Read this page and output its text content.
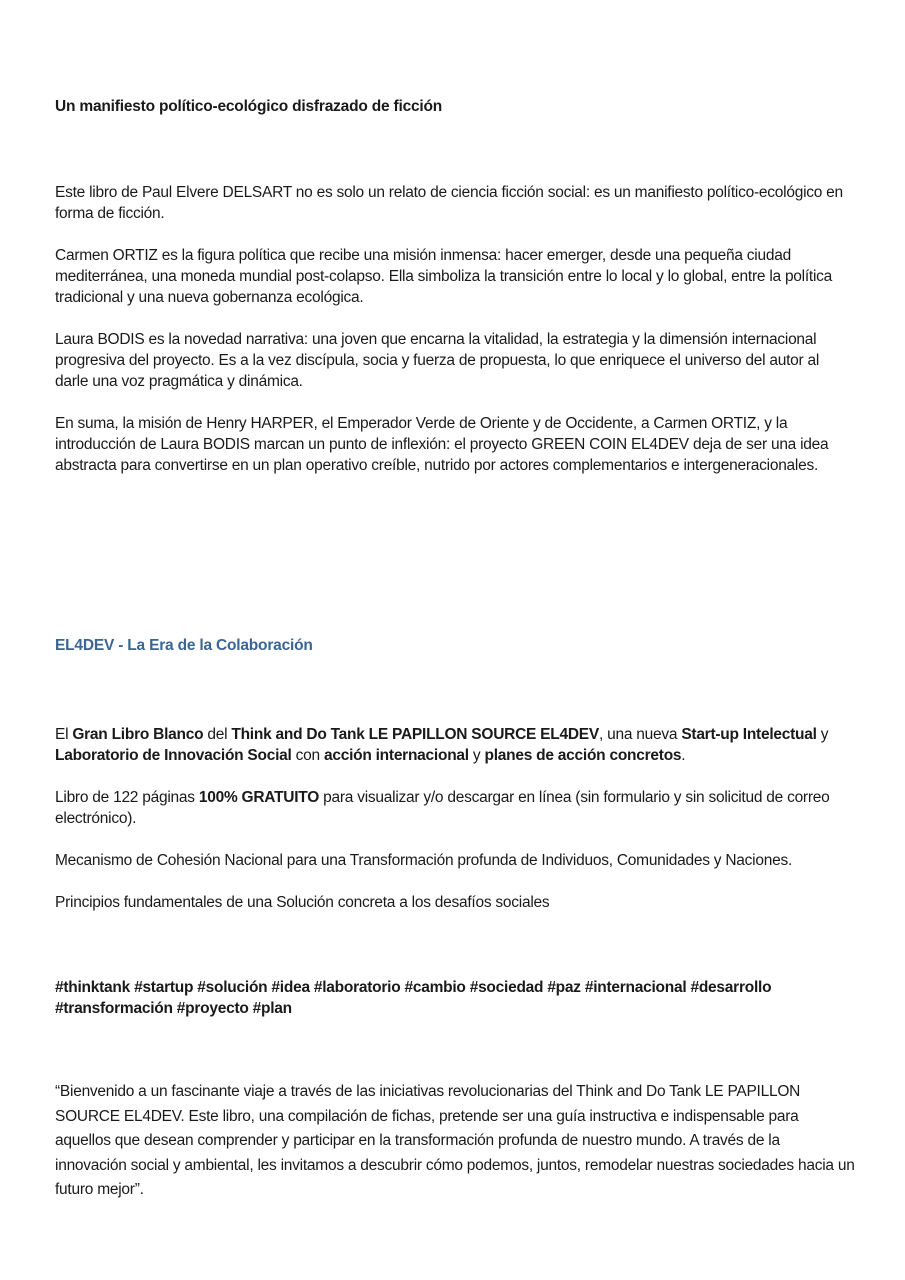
Un manifiesto político-ecológico disfrazado de ficción

Este libro de Paul Elvere DELSART no es solo un relato de ciencia ficción social: es un manifiesto político-ecológico en forma de ficción.

Carmen ORTIZ es la figura política que recibe una misión inmensa: hacer emerger, desde una pequeña ciudad mediterránea, una moneda mundial post-colapso. Ella simboliza la transición entre lo local y lo global, entre la política tradicional y una nueva gobernanza ecológica.

Laura BODIS es la novedad narrativa: una joven que encarna la vitalidad, la estrategia y la dimensión internacional progresiva del proyecto. Es a la vez discípula, socia y fuerza de propuesta, lo que enriquece el universo del autor al darle una voz pragmática y dinámica.

En suma, la misión de Henry HARPER, el Emperador Verde de Oriente y de Occidente, a Carmen ORTIZ, y la introducción de Laura BODIS marcan un punto de inflexión: el proyecto GREEN COIN EL4DEV deja de ser una idea abstracta para convertirse en un plan operativo creíble, nutrido por actores complementarios e intergeneracionales.

EL4DEV - La Era de la Colaboración

El Gran Libro Blanco del Think and Do Tank LE PAPILLON SOURCE EL4DEV, una nueva Start-up Intelectual y Laboratorio de Innovación Social con acción internacional y planes de acción concretos.

Libro de 122 páginas 100% GRATUITO para visualizar y/o descargar en línea (sin formulario y sin solicitud de correo electrónico).

Mecanismo de Cohesión Nacional para una Transformación profunda de Individuos, Comunidades y Naciones.

Principios fundamentales de una Solución concreta a los desafíos sociales

#thinktank #startup #solución #idea #laboratorio #cambio #sociedad #paz #internacional #desarrollo #transformación #proyecto #plan

“Bienvenido a un fascinante viaje a través de las iniciativas revolucionarias del Think and Do Tank LE PAPILLON SOURCE EL4DEV. Este libro, una compilación de fichas, pretende ser una guía instructiva e indispensable para aquellos que desean comprender y participar en la transformación profunda de nuestro mundo. A través de la innovación social y ambiental, les invitamos a descubrir cómo podemos, juntos, remodelar nuestras sociedades hacia un futuro mejor”.
